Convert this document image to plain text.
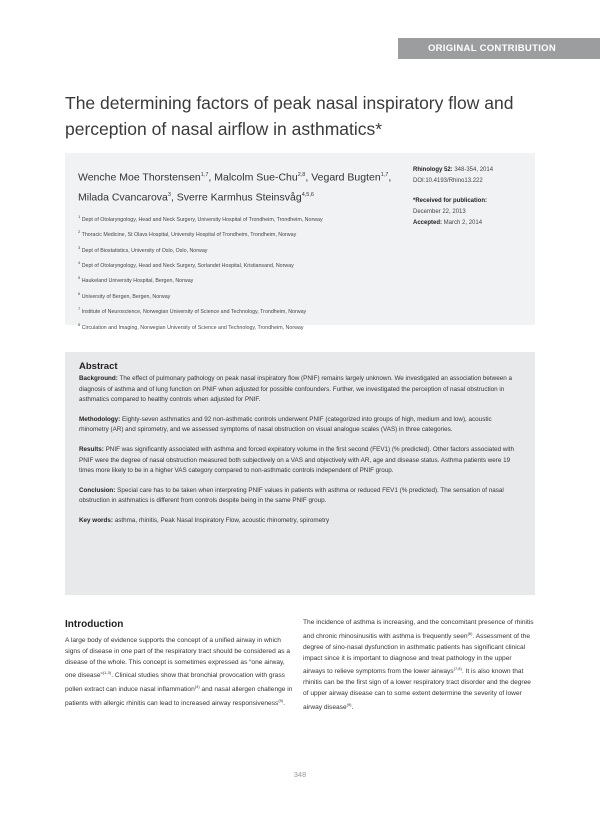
ORIGINAL CONTRIBUTION
The determining factors of peak nasal inspiratory flow and perception of nasal airflow in asthmatics*
Wenche Moe Thorstensen$^{1,7}$, Malcolm Sue-Chu$^{2,8}$, Vegard Bugten$^{1,7}$,
Milada Cvancarova$^3$, Sverre Karmhus Steinsvåg$^{4,5,6}$
$^1$ Dept of Otolaryngology, Head and Neck Surgery, University Hospital of Trondheim, Trondheim, Norway
$^2$ Thoracic Medicine, St Olavs Hospital, University Hospital of Trondheim, Trondheim, Norway
$^3$ Dept of Biostatistics, University of Oslo, Oslo, Norway
$^4$ Dept of Otolaryngology, Head and Neck Surgery, Sorlandet Hospital, Kristiansand, Norway
$^5$ Haukeland University Hospital, Bergen, Norway
$^6$ University of Bergen, Bergen, Norway
$^7$ Institute of Neuroscience, Norwegian University of Science and Technology, Trondheim, Norway
$^8$ Circulation and Imaging, Norwegian University of Science and Technology, Trondheim, Norway
Rhinology 52: 348-354, 2014
DOI:10.4193/Rhino13.222
*Received for publication:
December 22, 2013
Accepted: March 2, 2014
Abstract

Background: The effect of pulmonary pathology on peak nasal inspiratory flow (PNIF) remains largely unknown. We investigated an association between a diagnosis of asthma and of lung function on PNIF when adjusted for possible confounders. Further, we investigated the perception of nasal obstruction in asthmatics compared to healthy controls when adjusted for PNIF.

Methodology: Eighty-seven asthmatics and 92 non-asthmatic controls underwent PNIF (categorized into groups of high, medium and low), acoustic rhinometry (AR) and spirometry, and we assessed symptoms of nasal obstruction on visual analogue scales (VAS) in three categories.

Results: PNIF was significantly associated with asthma and forced expiratory volume in the first second (FEV1) (% predicted). Other factors associated with PNIF were the degree of nasal obstruction measured both subjectively on a VAS and objectively with AR, age and disease status. Asthma patients were 19 times more likely to be in a higher VAS category compared to non-asthmatic controls independent of PNIF group.

Conclusion: Special care has to be taken when interpreting PNIF values in patients with asthma or reduced FEV1 (% predicted). The sensation of nasal obstruction in asthmatics is different from controls despite being in the same PNIF group.

Key words: asthma, rhinitis, Peak Nasal Inspiratory Flow, acoustic rhinometry, spirometry

Introduction

A large body of evidence supports the concept of a unified airway in which signs of disease in one part of the respiratory tract should be considered as a disease of the whole. This concept is sometimes expressed as “one airway, one disease”$^{(1-3)}$. Clinical studies show that bronchial provocation with grass pollen extract can induce nasal inflammation$^{(4)}$ and nasal allergen challenge in patients with allergic rhinitis can lead to increased airway responsiveness$^{(5)}$.

The incidence of asthma is increasing, and the concomitant presence of rhinitis and chronic rhinosinusitis with asthma is frequently seen$^{(6)}$. Assessment of the degree of sino-nasal dysfunction in asthmatic patients has significant clinical impact since it is important to diagnose and treat pathology in the upper airways to relieve symptoms from the lower airways$^{(7,8)}$. It is also known that rhinitis can be the first sign of a lower respiratory tract disorder and the degree of upper airway disease can to some extent determine the severity of lower airway disease$^{(9)}$.

348
